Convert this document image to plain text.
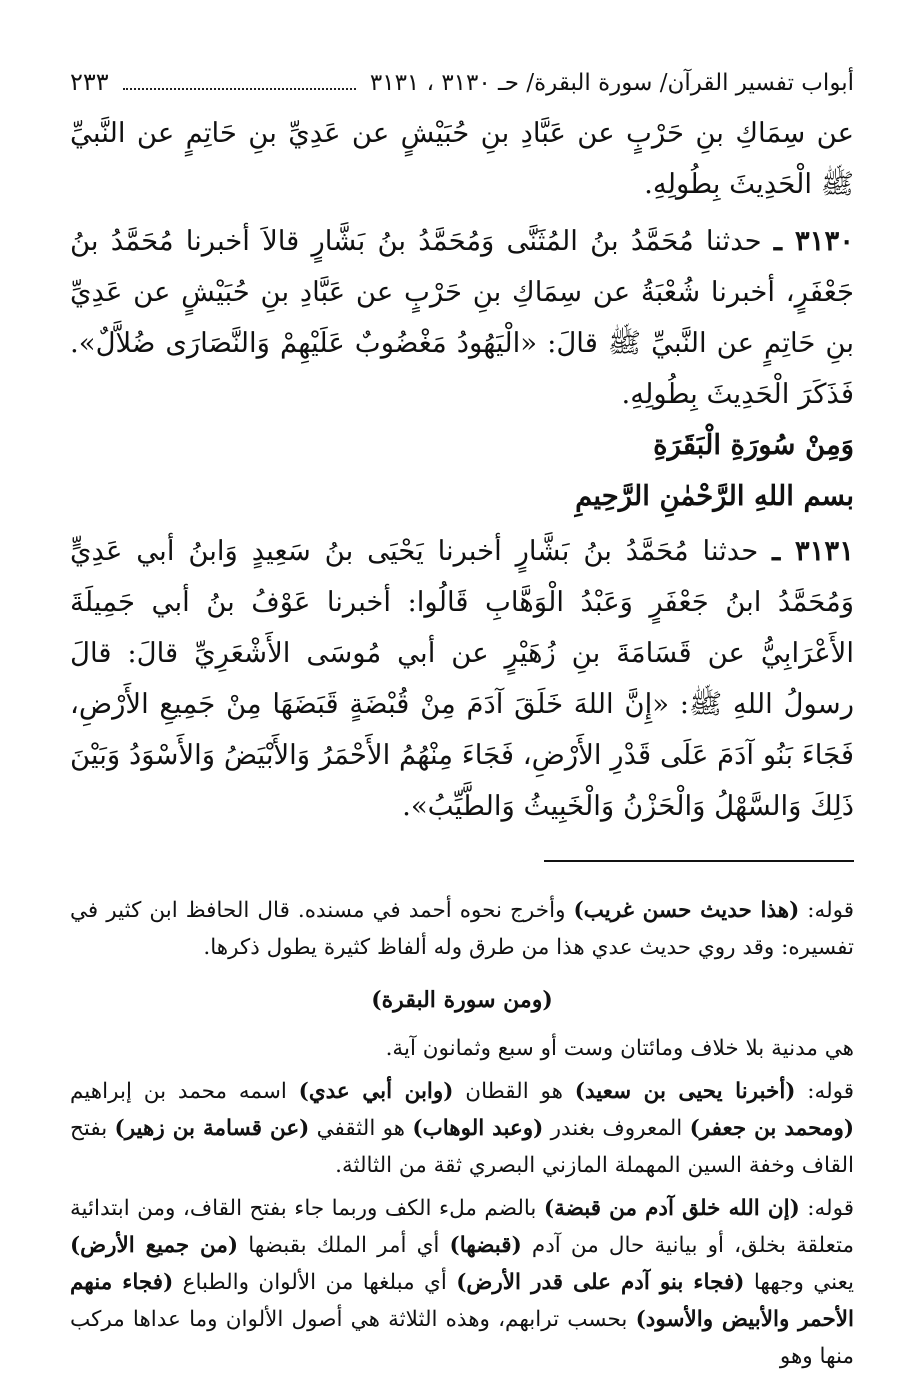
أبواب تفسير القرآن/ سورة البقرة/ حـ ٣١٣٠ ، ٣١٣١
٢٣٣

عن سِمَاكِ بنِ حَرْبٍ عن عَبَّادِ بنِ حُبَيْشٍ عن عَدِيِّ بنِ حَاتِمٍ عن النَّبيِّ ﷺ الْحَدِيثَ بِطُولِهِ.

٣١٣٠ ـ حدثنا مُحَمَّدُ بنُ المُثَنَّى وَمُحَمَّدُ بنُ بَشَّارٍ قالاَ أخبرنا مُحَمَّدُ بنُ جَعْفَرٍ، أخبرنا شُعْبَةُ عن سِمَاكِ بنِ حَرْبٍ عن عَبَّادِ بنِ حُبَيْشٍ عن عَدِيِّ بنِ حَاتِمٍ عن النَّبيِّ ﷺ قالَ: «الْيَهُودُ مَغْضُوبٌ عَلَيْهِمْ وَالنَّصَارَى ضُلاَّلٌ». فَذَكَرَ الْحَدِيثَ بِطُولِهِ.

وَمِنْ سُورَةِ الْبَقَرَةِ

بسم اللهِ الرَّحْمٰنِ الرَّحِيمِ

٣١٣١ ـ حدثنا مُحَمَّدُ بنُ بَشَّارٍ أخبرنا يَحْيَى بنُ سَعِيدٍ وَابنُ أبي عَدِيٍّ وَمُحَمَّدُ ابنُ جَعْفَرٍ وَعَبْدُ الْوَهَّابِ قَالُوا: أخبرنا عَوْفُ بنُ أبي جَمِيلَةَ الأَعْرَابِيُّ عن قَسَامَةَ بنِ زُهَيْرٍ عن أبي مُوسَى الأَشْعَرِيِّ قالَ: قالَ رسولُ اللهِ ﷺ: «إِنَّ اللهَ خَلَقَ آدَمَ مِنْ قُبْضَةٍ قَبَضَهَا مِنْ جَمِيعِ الأَرْضِ، فَجَاءَ بَنُو آدَمَ عَلَى قَدْرِ الأَرْضِ، فَجَاءَ مِنْهُمُ الأَحْمَرُ وَالأَبْيَضُ وَالأَسْوَدُ وَبَيْنَ ذَلِكَ وَالسَّهْلُ وَالْحَزْنُ وَالْخَبِيثُ وَالطَّيِّبُ».

قوله: (هذا حديث حسن غريب) وأخرج نحوه أحمد في مسنده. قال الحافظ ابن كثير في تفسيره: وقد روي حديث عدي هذا من طرق وله ألفاظ كثيرة يطول ذكرها.

(ومن سورة البقرة)

هي مدنية بلا خلاف ومائتان وست أو سبع وثمانون آية.

قوله: (أخبرنا يحيى بن سعيد) هو القطان (وابن أبي عدي) اسمه محمد بن إبراهيم (ومحمد بن جعفر) المعروف بغندر (وعبد الوهاب) هو الثقفي (عن قسامة بن زهير) بفتح القاف وخفة السين المهملة المازني البصري ثقة من الثالثة.

قوله: (إن الله خلق آدم من قبضة) بالضم ملء الكف وربما جاء بفتح القاف، ومن ابتدائية متعلقة بخلق، أو بيانية حال من آدم (قبضها) أي أمر الملك بقبضها (من جميع الأرض) يعني وجهها (فجاء بنو آدم على قدر الأرض) أي مبلغها من الألوان والطباع (فجاء منهم الأحمر والأبيض والأسود) بحسب ترابهم، وهذه الثلاثة هي أصول الألوان وما عداها مركب منها وهو
